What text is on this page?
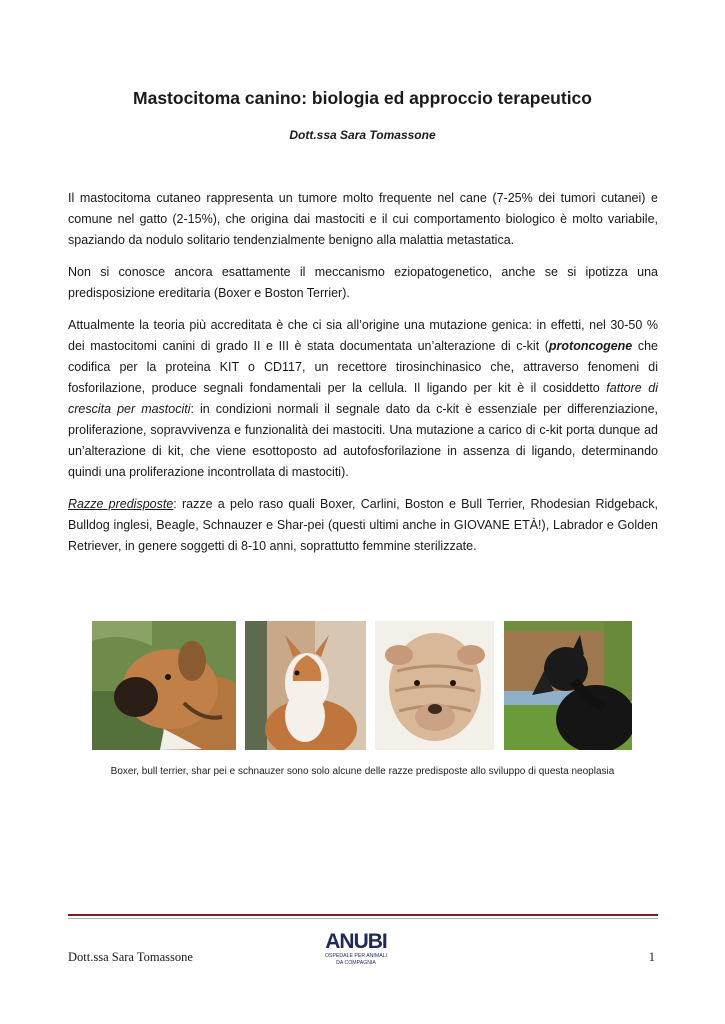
Mastocitoma canino: biologia ed approccio terapeutico
Dott.ssa Sara Tomassone

Il mastocitoma cutaneo rappresenta un tumore molto frequente nel cane (7-25% dei tumori cutanei) e comune nel gatto (2-15%), che origina dai mastociti e il cui comportamento biologico è molto variabile, spaziando da nodulo solitario tendenzialmente benigno alla malattia metastatica.

Non si conosce ancora esattamente il meccanismo eziopatogenetico, anche se si ipotizza una predisposizione ereditaria (Boxer e Boston Terrier).

Attualmente la teoria più accreditata è che ci sia all’origine una mutazione genica: in effetti, nel 30-50 % dei mastocitomi canini di grado II e III è stata documentata un’alterazione di c-kit (protoncogene che codifica per la proteina KIT o CD117, un recettore tirosinchinasico che, attraverso fenomeni di fosforilazione, produce segnali fondamentali per la cellula. Il ligando per kit è il cosiddetto fattore di crescita per mastociti: in condizioni normali il segnale dato da c-kit è essenziale per differenziazione, proliferazione, sopravvivenza e funzionalità dei mastociti. Una mutazione a carico di c-kit porta dunque ad un’alterazione di kit, che viene esottoposto ad autofosforilazione in assenza di ligando, determinando quindi una proliferazione incontrollata di mastociti).

Razze predisposte: razze a pelo raso quali Boxer, Carlini, Boston e Bull Terrier, Rhodesian Ridgeback, Bulldog inglesi, Beagle, Schnauzer e Shar-pei (questi ultimi anche in GIOVANE ETÀ!), Labrador e Golden Retriever, in genere soggetti di 8-10 anni, soprattutto femmine sterilizzate.

Boxer, bull terrier, shar pei e schnauzer sono solo alcune delle razze predisposte allo sviluppo di questa neoplasia
Dott.ssa Sara Tomassone
ANUBI
OSPEDALE PER ANIMALI
DA COMPAGNIA	1
